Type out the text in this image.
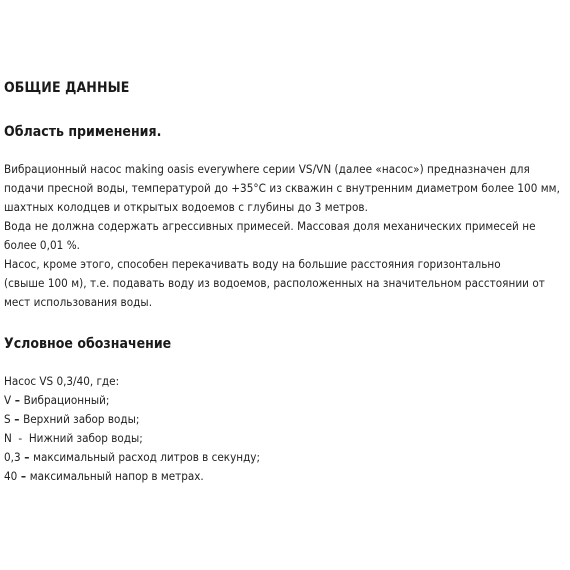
ОБЩИЕ ДАННЫЕ
Область применения.
Вибрационный насос making oasis everywhere серии VS/VN (далее «насос») предназначен для
подачи пресной воды, температурой до +35°С из скважин с внутренним диаметром более 100 мм,
шахтных колодцев и открытых водоемов с глубины до 3 метров.
Вода не должна содержать агрессивных примесей. Массовая доля механических примесей не
более 0,01 %.
Насос, кроме этого, способен перекачивать воду на большие расстояния горизонтально
(свыше 100 м), т.е. подавать воду из водоемов, расположенных на значительном расстоянии от
мест использования воды.
Условное обозначение
Насос VS 0,3/40, где:
V – Вибрационный;
S – Верхний забор воды;
N  -  Нижний забор воды;
0,3 – максимальный расход литров в секунду;
40 – максимальный напор в метрах.
